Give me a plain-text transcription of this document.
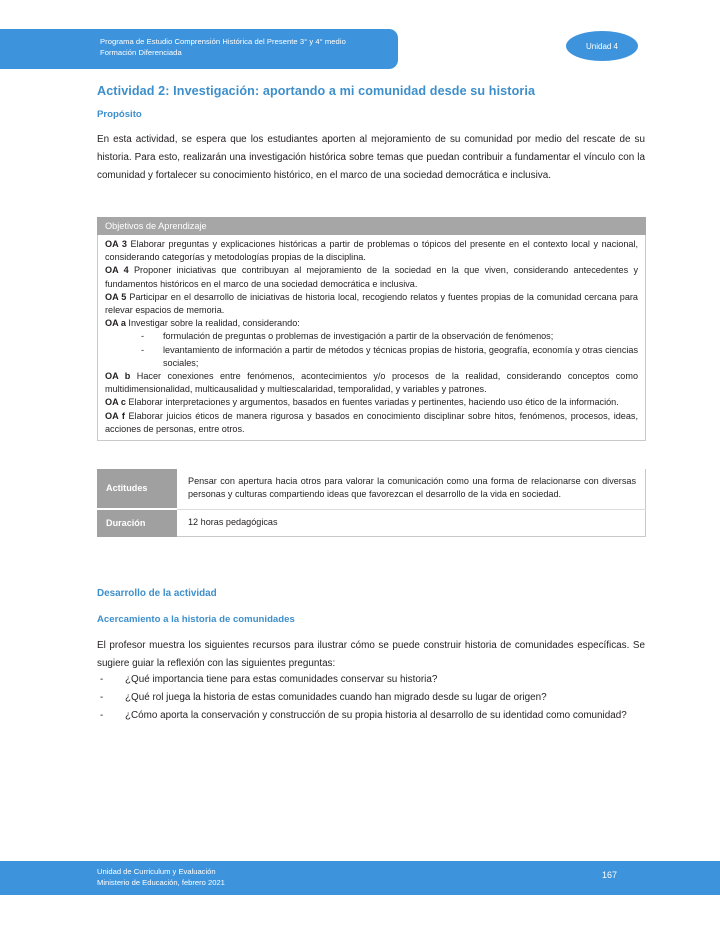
Programa de Estudio Comprensión Histórica del Presente 3° y 4° medio
Formación Diferenciada
Unidad 4
Actividad 2: Investigación: aportando a mi comunidad desde su historia
Propósito
En esta actividad, se espera que los estudiantes aporten al mejoramiento de su comunidad por medio del rescate de su historia. Para esto, realizarán una investigación histórica sobre temas que puedan contribuir a fundamentar el vínculo con la comunidad y fortalecer su conocimiento histórico, en el marco de una sociedad democrática e inclusiva.
Objetivos de Aprendizaje
OA 3 Elaborar preguntas y explicaciones históricas a partir de problemas o tópicos del presente en el contexto local y nacional, considerando categorías y metodologías propias de la disciplina.
OA 4 Proponer iniciativas que contribuyan al mejoramiento de la sociedad en la que viven, considerando antecedentes y fundamentos históricos en el marco de una sociedad democrática e inclusiva.
OA 5 Participar en el desarrollo de iniciativas de historia local, recogiendo relatos y fuentes propias de la comunidad cercana para relevar espacios de memoria.
OA a Investigar sobre la realidad, considerando:
- formulación de preguntas o problemas de investigación a partir de la observación de fenómenos;
- levantamiento de información a partir de métodos y técnicas propias de historia, geografía, economía y otras ciencias sociales;
OA b Hacer conexiones entre fenómenos, acontecimientos y/o procesos de la realidad, considerando conceptos como multidimensionalidad, multicausalidad y multiescalaridad, temporalidad, y variables y patrones.
OA c Elaborar interpretaciones y argumentos, basados en fuentes variadas y pertinentes, haciendo uso ético de la información.
OA f Elaborar juicios éticos de manera rigurosa y basados en conocimiento disciplinar sobre hitos, fenómenos, procesos, ideas, acciones de personas, entre otros.
Actitudes	Pensar con apertura hacia otros para valorar la comunicación como una forma de relacionarse con diversas personas y culturas compartiendo ideas que favorezcan el desarrollo de la vida en sociedad.
Duración	12 horas pedagógicas
Desarrollo de la actividad
Acercamiento a la historia de comunidades
El profesor muestra los siguientes recursos para ilustrar cómo se puede construir historia de comunidades específicas. Se sugiere guiar la reflexión con las siguientes preguntas:
- ¿Qué importancia tiene para estas comunidades conservar su historia?
- ¿Qué rol juega la historia de estas comunidades cuando han migrado desde su lugar de origen?
- ¿Cómo aporta la conservación y construcción de su propia historia al desarrollo de su identidad como comunidad?
Unidad de Curriculum y Evaluación
Ministerio de Educación, febrero 2021
167
